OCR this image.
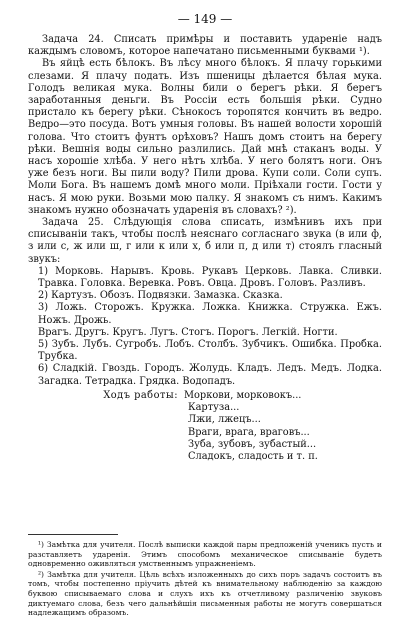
— 149 —

Задача 24. Списать примѣры и поставить удареніе надъ каждымъ словомъ, которое напечатано письменными буквами ¹).

Въ яйцѣ есть бѣлокъ. Въ лѣсу много бѣлокъ. Я плачу горькими слезами. Я плачу подать. Изъ пшеницы дѣлается бѣлая мука. Голодъ великая мука. Волны били о берегъ рѣки. Я берегъ заработанныя деньги. Въ Россіи есть большія рѣки. Судно пристало къ берегу рѣки. Сѣнокосъ торопятся кончить въ ведро. Ведро—это посуда. Вотъ умныя головы. Въ нашей волости хорошій голова. Что стоитъ фунтъ орѣховъ? Нашъ домъ стоитъ на берегу рѣки. Вешнія воды сильно разлились. Дай мнѣ стаканъ воды. У насъ хорошіе хлѣба. У него нѣтъ хлѣба. У него болятъ ноги. Онъ уже безъ ноги. Вы пили воду? Пили дрова. Купи соли. Соли супъ. Моли Бога. Въ нашемъ домѣ много моли. Пріѣхали гости. Гости у насъ. Я мою руки. Возьми мою палку. Я знакомъ съ нимъ. Какимъ знакомъ нужно обозначать ударенія въ словахъ? ²).

Задача 25. Слѣдующія слова списать, измѣнивъ ихъ при списываніи такъ, чтобы послѣ неяснаго согласнаго звука (в или ф, з или с, ж или ш, г или к или х, б или п, д или т) стоялъ гласный звукъ:

1) Морковь. Нарывъ. Кровь. Рукавъ Церковь. Лавка. Сливки. Травка. Головка. Веревка. Ровъ. Овца. Дровъ. Головъ. Разливъ.

2) Картузъ. Обозъ. Подвязки. Замазка. Сказка.

3) Ложь. Сторожъ. Кружка. Ложка. Книжка. Стружка. Ежъ. Ножъ. Дрожь.

Врагъ. Другъ. Кругъ. Лугъ. Стогъ. Порогъ. Легкій. Ногти.

5) Зубъ. Лубъ. Сугробъ. Лобъ. Столбъ. Зубчикъ. Ошибка. Пробка. Трубка.

6) Сладкій. Гвоздь. Городъ. Жолудь. Кладъ. Ледъ. Медъ. Лодка. Загадка. Тетрадка. Грядка. Водопадъ.

Ходъ работы: Моркови, морковокъ...
Картуза...
Лжи, лжецъ...
Враги, врага, враговъ...
Зуба, зубовъ, зубастый...
Сладокъ, сладость и т. п.

¹) Замѣтка для учителя. Послѣ выписки каждой пары предложеній ученикъ пусть и разставляетъ ударенія. Этимъ способомъ механическое списываніе будетъ одновременно оживляться умственнымъ упражненіемъ.

²) Замѣтка для учителя. Цѣль всѣхъ изложенныхъ до сихъ поръ задачъ состоитъ въ томъ, чтобы постепенно пріучить дѣтей къ внимательному наблюденію за каждою буквою списываемаго слова и слухъ ихъ къ отчетливому различенію звуковъ диктуемаго слова, безъ чего дальнѣйшія письменныя работы не могутъ совершаться надлежащимъ образомъ.
